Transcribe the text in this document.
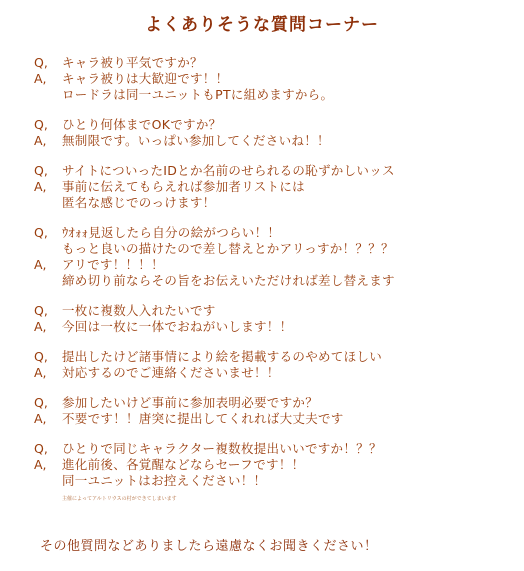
よくありそうな質問コーナー
Q,	キャラ被り平気ですか？
A,	キャラ被りは大歓迎です！！
ロードラは同一ユニットもPTに組めますから。
Q,	ひとり何体までOKですか？
A,	無制限です。いっぱい参加してくださいね！！
Q,	サイトについったIDとか名前のせられるの恥ずかしいッス
A,	事前に伝えてもらえれば参加者リストには
匿名な感じでのっけます！
Q,	ｳｵｫｫ見返したら自分の絵がつらい！！
もっと良いの描けたので差し替えとかアリっすか！？？？
A,	アリです！！！！
締め切り前ならその旨をお伝えいただければ差し替えます
Q,	一枚に複数人入れたいです
A,	今回は一枚に一体でおねがいします！！
Q,	提出したけど諸事情により絵を掲載するのやめてほしい
A,	対応するのでご連絡くださいませ！！
Q,	参加したいけど事前に参加表明必要ですか？
A,	不要です！！唐突に提出してくれれば大丈夫です
Q,	ひとりで同じキャラクター複数枚提出いいですか！？？
A,	進化前後、各覚醒などならセーフです！！
同一ユニットはお控えください！！
主催によってアルトリウスの村ができてしまいます
その他質問などありましたら遠慮なくお聞きください！
